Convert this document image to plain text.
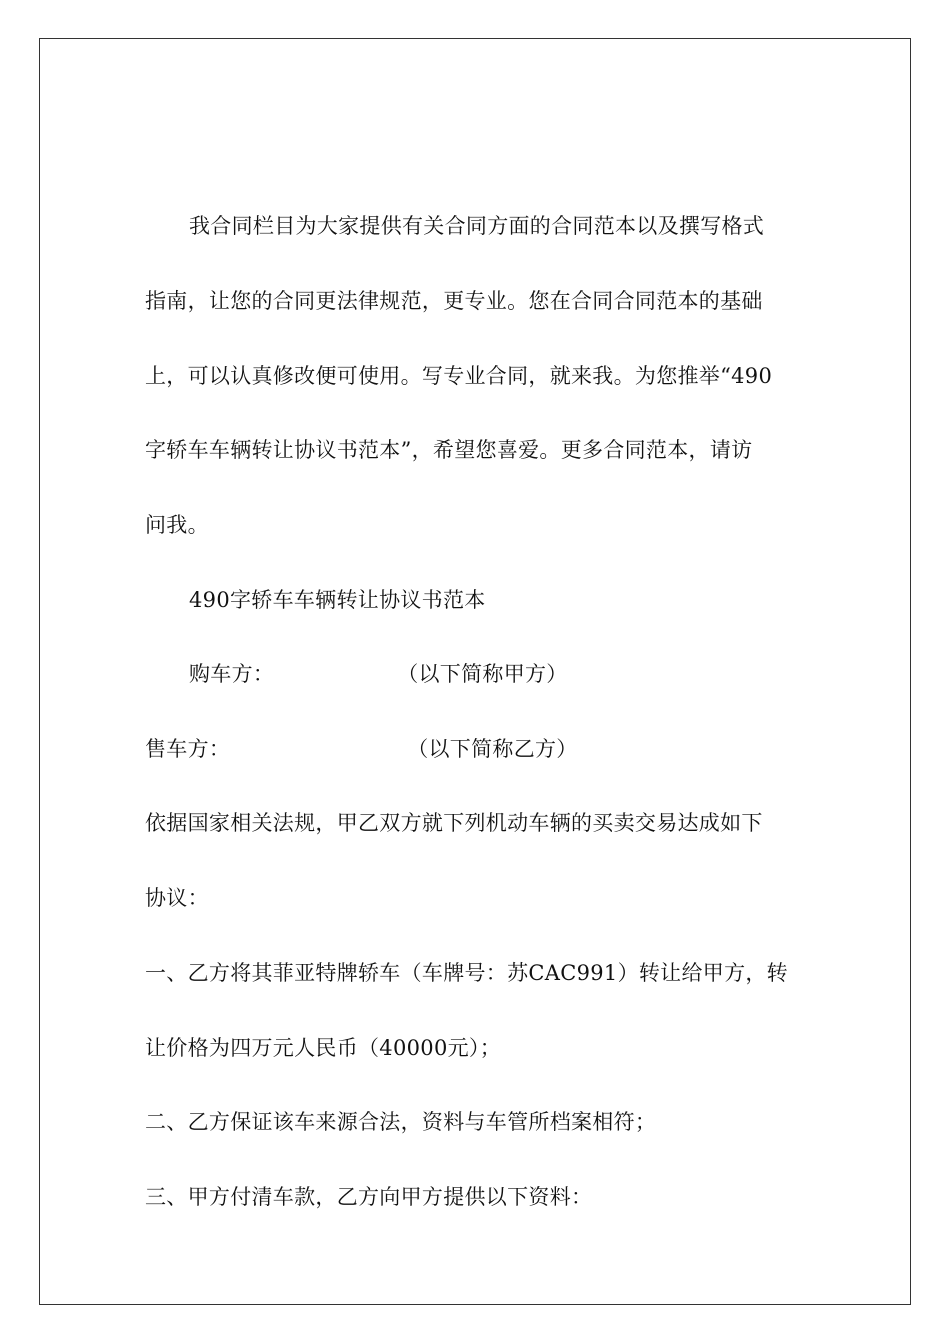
我合同栏目为大家提供有关合同方面的合同范本以及撰写格式
指南，让您的合同更法律规范，更专业。您在合同合同范本的基础
上，可以认真修改便可使用。写专业合同，就来我。为您推举“490
字轿车车辆转让协议书范本”，希望您喜爱。更多合同范本，请访
问我。
490字轿车车辆转让协议书范本
购车方：	（以下简称甲方）
售车方：	（以下简称乙方）
依据国家相关法规，甲乙双方就下列机动车辆的买卖交易达成如下
协议：
一、乙方将其菲亚特牌轿车（车牌号：苏CAC991）转让给甲方，转
让价格为四万元人民币（40000元）；
二、乙方保证该车来源合法，资料与车管所档案相符；
三、甲方付清车款，乙方向甲方提供以下资料：
